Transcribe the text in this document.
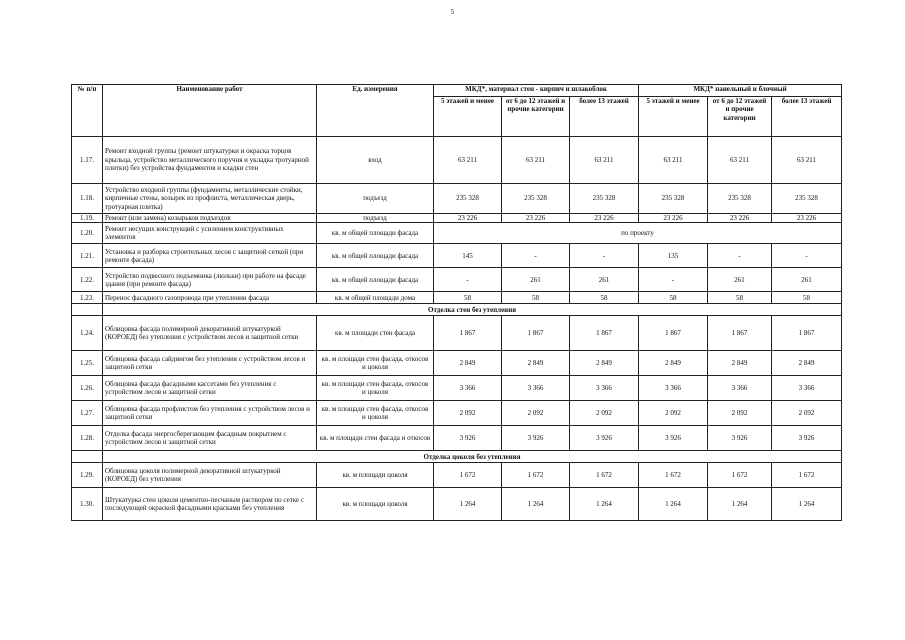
5
№ п/п	Наименование работ	Ед. измерения	МКД*, материал стен - кирпич и шлакоблок			МКД* панельный и блочный		
			5 этажей и менее	от 6 до 12 этажей и прочие категории	более 13 этажей	5 этажей и менее	от 6 до 12 этажей и прочие категории	более 13 этажей
1.17.	Ремонт входной группы (ремонт штукатурки и окраска торцов крыльца, устройство металлического поручня и укладка тротуарной плитки) без устройства фундаментов и кладки стен	вход	63 211	63 211	63 211	63 211	63 211	63 211
1.18.	Устройство входной группы (фундаменты, металлические стойки, кирпичные стены, козырек из профлиста, металлическая дверь, тротуарная плитка)	подъезд	235 328	235 328	235 328	235 328	235 328	235 328
1.19.	Ремонт (или замена) козырьков подъездов	подъезд	23 226	23 226	23 226	23 226	23 226	23 226
1.20.	Ремонт несущих конструкций с усилением конструктивных элементов	кв. м общей площади фасада	по проекту					
1.21.	Установка и разборка строительных лесов с защитной сеткой (при ремонте фасада)	кв. м общей площади фасада	145	-	-	135	-	-
1.22.	Устройство подвесного подъемника (люльки) при работе на фасаде здания (при ремонте фасада)	кв. м общей площади фасада	-	261	261	-	261	261
1.23.	Перенос фасадного газопровода при утеплении фасада	кв. м общей площади дома	58	58	58	58	58	58
	Отделка стен без утепления							
1.24.	Облицовка фасада полимерной декоративной штукатуркой (КОРОЕД) без утепления с устройством лесов и защитной сетки	кв. м площади стен фасада	1 867	1 867	1 867	1 867	1 867	1 867
1.25.	Облицовка фасада сайдингом без утепления с устройством лесов и защитной сетки	кв. м площади стен фасада, откосов и цоколя	2 849	2 849	2 849	2 849	2 849	2 849
1.26.	Облицовка фасада фасадными кассетами без утепления с устройством лесов и защитной сетки	кв. м площади стен фасада, откосов и цоколя	3 366	3 366	3 366	3 366	3 366	3 366
1.27.	Облицовка фасада профлистом без утепления с устройством лесов и защитной сетки	кв. м площади стен фасада, откосов и цоколя	2 092	2 092	2 092	2 092	2 092	2 092
1.28.	Отделка фасада энергосберегающим фасадным покрытием с устройством лесов и защитной сетки	кв. м площади стен фасада и откосов	3 926	3 926	3 926	3 926	3 926	3 926
	Отделка цоколя без утепления							
1.29.	Облицовка цоколя полимерной декоративной штукатуркой (КОРОЕД) без утепления	кв. м площади цоколя	1 672	1 672	1 672	1 672	1 672	1 672
1.30.	Штукатурка стен цоколя цементно-песчаным раствором по сетке с последующей окраской фасадными красками без утепления	кв. м площади цоколя	1 264	1 264	1 264	1 264	1 264	1 264
